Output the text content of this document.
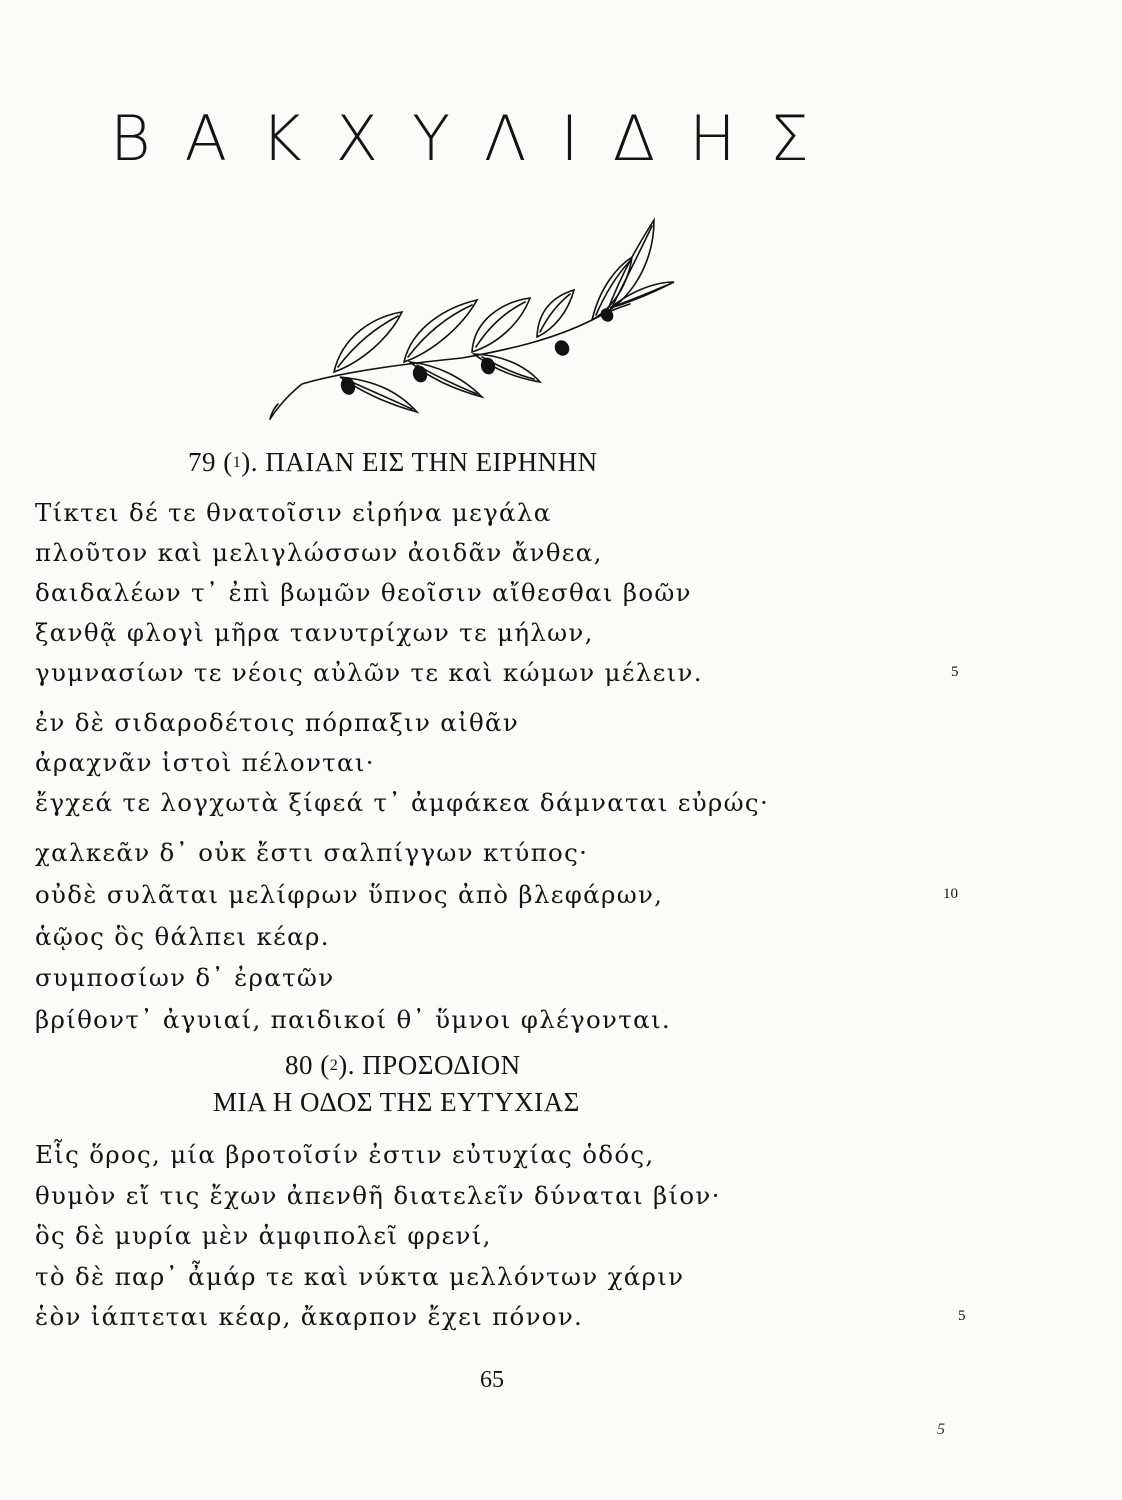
ΒΑΚΧΥΛΙΔΗΣ
79 ($^1$). ΠΑΙΑΝ ΕΙΣ ΤΗΝ ΕΙΡΗΝΗΝ
Τίκτει δέ τε θνατοῖσιν εἰρήνα μεγάλα
πλοῦτον καὶ μελιγλώσσων ἀοιδᾶν ἄνθεα,
δαιδαλέων τ᾽ ἐπὶ βωμῶν θεοῖσιν αἴθεσθαι βοῶν
ξανθᾷ φλογὶ μῆρα τανυτρίχων τε μήλων,
γυμνασίων τε νέοις αὐλῶν τε καὶ κώμων μέλειν.
ἐν δὲ σιδαροδέτοις πόρπαξιν αἰθᾶν
ἀραχνᾶν ἱστοὶ πέλονται·
ἔγχεά τε λογχωτὰ ξίφεά τ᾽ ἀμφάκεα δάμναται εὐρώς·
χαλκεᾶν δ᾽ οὐκ ἔστι σαλπίγγων κτύπος·
οὐδὲ συλᾶται μελίφρων ὕπνος ἀπὸ βλεφάρων,
ἁῷος ὃς θάλπει κέαρ.
συμποσίων δ᾽ ἐρατῶν
βρίθοντ᾽ ἀγυιαί, παιδικοί θ᾽ ὕμνοι φλέγονται.
5
10
80 ($^2$). ΠΡΟΣΟΔΙΟΝ
ΜΙΑ Η ΟΔΟΣ ΤΗΣ ΕΥΤΥΧΙΑΣ
Εἷς ὅρος, μία βροτοῖσίν ἐστιν εὐτυχίας ὁδός,
θυμὸν εἴ τις ἔχων ἀπενθῆ διατελεῖν δύναται βίον·
ὃς δὲ μυρία μὲν ἀμφιπολεῖ φρενί,
τὸ δὲ παρ᾽ ἆμάρ τε καὶ νύκτα μελλόντων χάριν
ἑὸν ἰάπτεται κέαρ, ἄκαρπον ἔχει πόνον.	5
65
5
